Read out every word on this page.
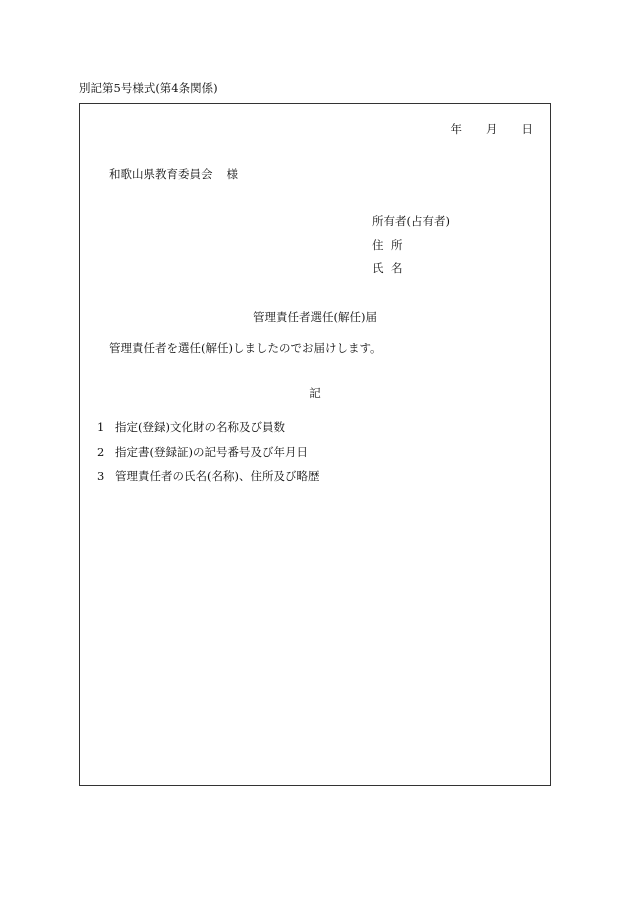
別記第5号様式(第4条関係)
年 月 日
和歌山県教育委員会 様
所有者(占有者)
住 所
氏 名
管理責任者選任(解任)届
管理責任者を選任(解任)しましたのでお届けします。
記
1 指定(登録)文化財の名称及び員数
2 指定書(登録証)の記号番号及び年月日
3 管理責任者の氏名(名称)、住所及び略歴
